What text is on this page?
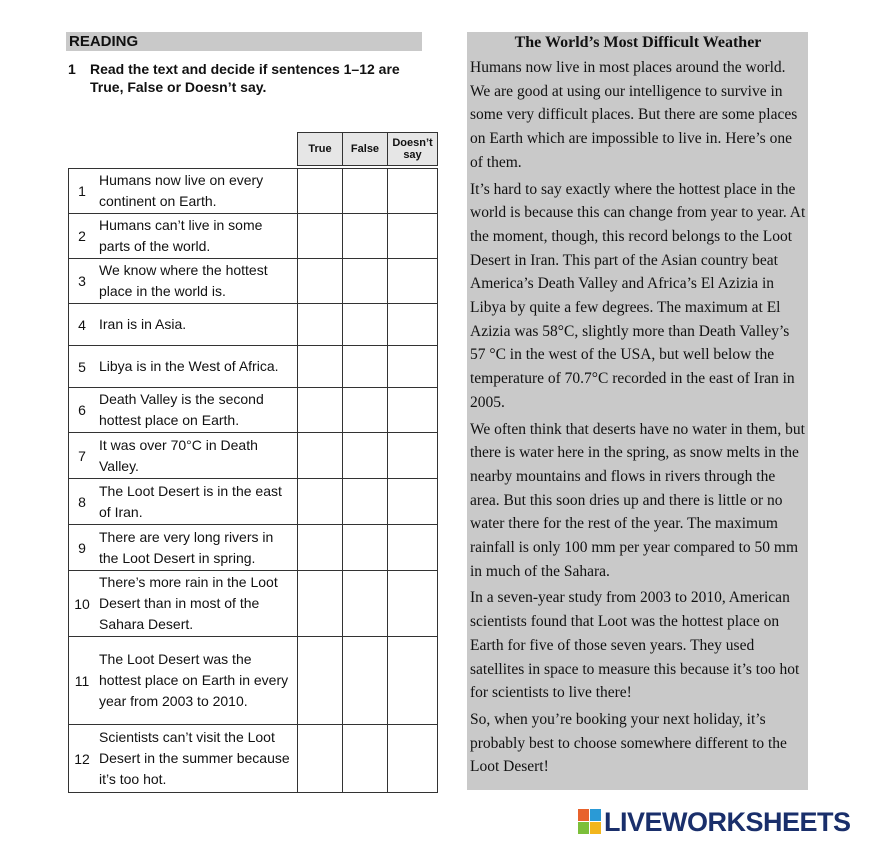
READING
1 Read the text and decide if sentences 1–12 are True, False or Doesn’t say.
		True	False	Doesn’t say

1	Humans now live on every continent on Earth.			
2	Humans can’t live in some parts of the world.			
3	We know where the hottest place in the world is.			
4	Iran is in Asia.			
5	Libya is in the West of Africa.			
6	Death Valley is the second hottest place on Earth.			
7	It was over 70°C in Death Valley.			
8	The Loot Desert is in the east of Iran.			
9	There are very long rivers in the Loot Desert in spring.			
10	There’s more rain in the Loot Desert than in most of the Sahara Desert.			
11	The Loot Desert was the hottest place on Earth in every year from 2003 to 2010.			
12	Scientists can’t visit the Loot Desert in the summer because it’s too hot.			
The World’s Most Difficult Weather

Humans now live in most places around the world. We are good at using our intelligence to survive in some very difficult places. But there are some places on Earth which are impossible to live in. Here’s one of them.

It’s hard to say exactly where the hottest place in the world is because this can change from year to year. At the moment, though, this record belongs to the Loot Desert in Iran. This part of the Asian country beat America’s Death Valley and Africa’s El Azizia in Libya by quite a few degrees. The maximum at El Azizia was 58°C, slightly more than Death Valley’s 57 °C in the west of the USA, but well below the temperature of 70.7°C recorded in the east of Iran in 2005.

We often think that deserts have no water in them, but there is water here in the spring, as snow melts in the nearby mountains and flows in rivers through the area. But this soon dries up and there is little or no water there for the rest of the year. The maximum rainfall is only 100 mm per year compared to 50 mm in much of the Sahara.

In a seven-year study from 2003 to 2010, American scientists found that Loot was the hottest place on Earth for five of those seven years. They used satellites in space to measure this because it’s too hot for scientists to live there!

So, when you’re booking your next holiday, it’s probably best to choose somewhere different to the Loot Desert!

LIVEWORKSHEETS
